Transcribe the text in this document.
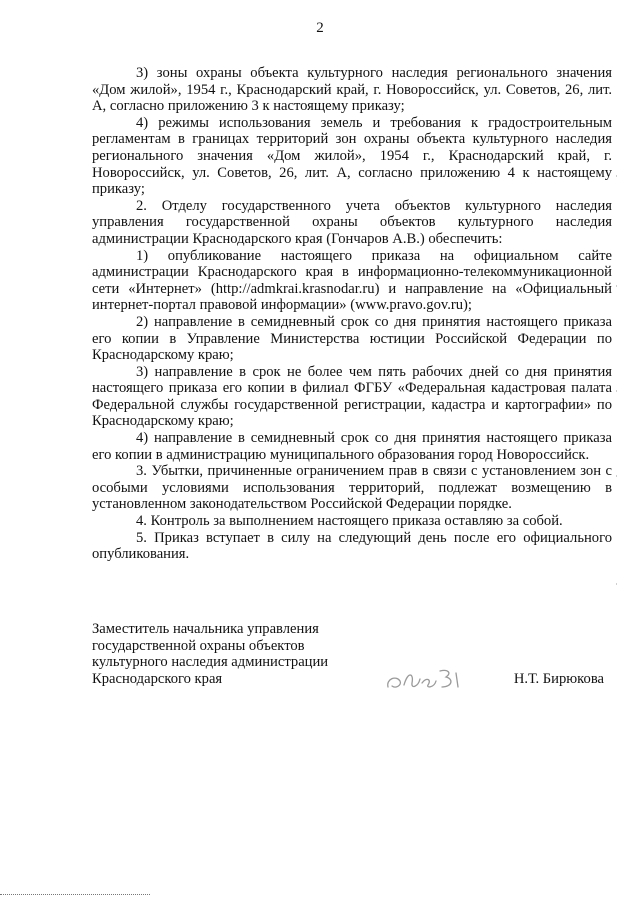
2

3) зоны охраны объекта культурного наследия регионального значения «Дом жилой», 1954 г., Краснодарский край, г. Новороссийск, ул. Советов, 26, лит. А, согласно приложению 3 к настоящему приказу;

4) режимы использования земель и требования к градостроительным регламентам в границах территорий зон охраны объекта культурного наследия регионального значения «Дом жилой», 1954 г., Краснодарский край, г. Новороссийск, ул. Советов, 26, лит. А, согласно приложению 4 к настоящему приказу;

2. Отделу государственного учета объектов культурного наследия управления государственной охраны объектов культурного наследия администрации Краснодарского края (Гончаров А.В.) обеспечить:

1) опубликование настоящего приказа на официальном сайте администрации Краснодарского края в информационно-телекоммуникационной сети «Интернет» (http://admkrai.krasnodar.ru) и направление на «Официальный интернет-портал правовой информации» (www.pravo.gov.ru);

2) направление в семидневный срок со дня принятия настоящего приказа его копии в Управление Министерства юстиции Российской Федерации по Краснодарскому краю;

3) направление в срок не более чем пять рабочих дней со дня принятия настоящего приказа его копии в филиал ФГБУ «Федеральная кадастровая палата Федеральной службы государственной регистрации, кадастра и картографии» по Краснодарскому краю;

4) направление в семидневный срок со дня принятия настоящего приказа его копии в администрацию муниципального образования город Новороссийск.

3. Убытки, причиненные ограничением прав в связи с установлением зон с особыми условиями использования территорий, подлежат возмещению в установленном законодательством Российской Федерации порядке.

4. Контроль за выполнением настоящего приказа оставляю за собой.

5. Приказ вступает в силу на следующий день после его официального опубликования.

Заместитель начальника управления
государственной охраны объектов
культурного наследия администрации
Краснодарского края	Н.Т. Бирюкова
